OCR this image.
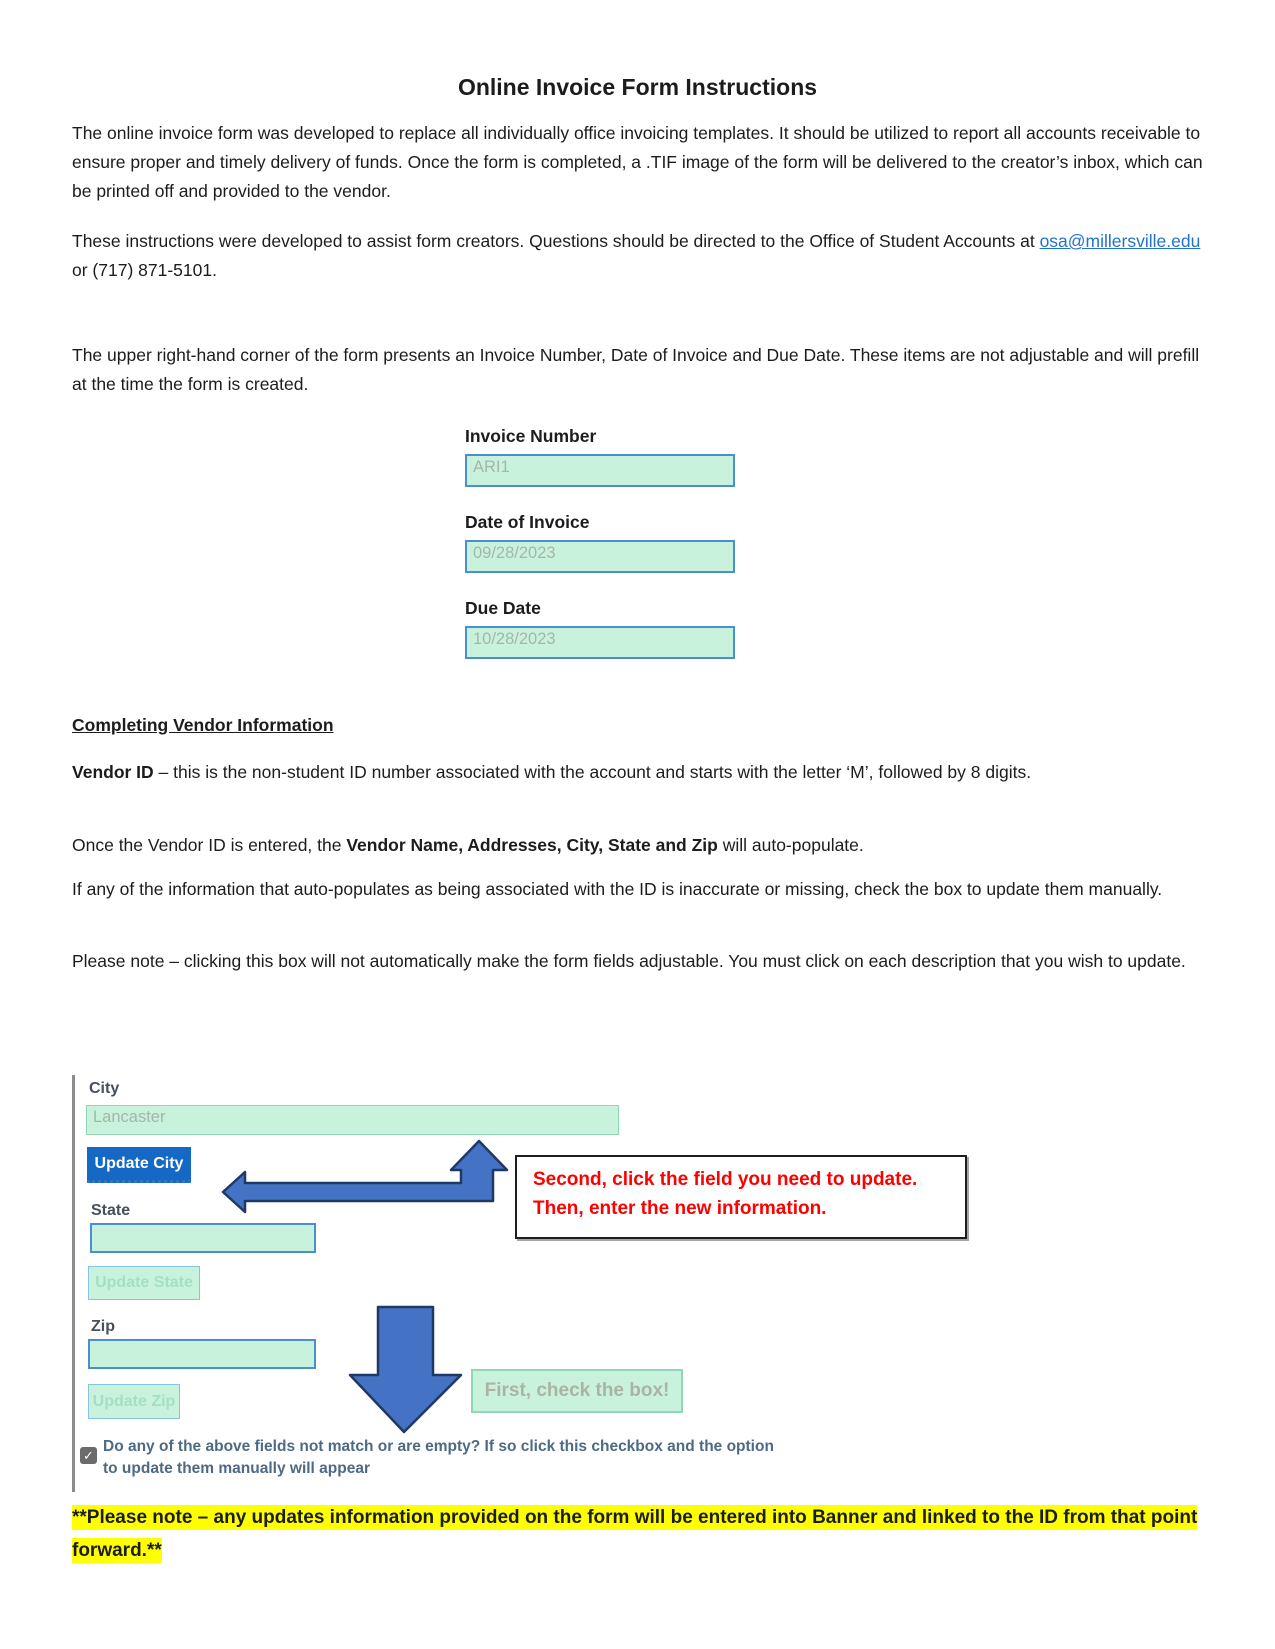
Online Invoice Form Instructions
The online invoice form was developed to replace all individually office invoicing templates. It should be utilized to report all accounts receivable to ensure proper and timely delivery of funds. Once the form is completed, a .TIF image of the form will be delivered to the creator’s inbox, which can be printed off and provided to the vendor.
These instructions were developed to assist form creators. Questions should be directed to the Office of Student Accounts at osa@millersville.edu or (717) 871-5101.
The upper right-hand corner of the form presents an Invoice Number, Date of Invoice and Due Date. These items are not adjustable and will prefill at the time the form is created.
Invoice Number
ARI1
Date of Invoice
09/28/2023
Due Date
10/28/2023
Completing Vendor Information
Vendor ID – this is the non-student ID number associated with the account and starts with the letter ‘M’, followed by 8 digits.
Once the Vendor ID is entered, the Vendor Name, Addresses, City, State and Zip will auto-populate.
If any of the information that auto-populates as being associated with the ID is inaccurate or missing, check the box to update them manually.
Please note – clicking this box will not automatically make the form fields adjustable. You must click on each description that you wish to update.
City
Lancaster
Update City
State
Update State
Zip
Update Zip
Second, click the field you need to update.
Then, enter the new information.
First, check the box!
✓ Do any of the above fields not match or are empty? If so click this checkbox and the option
to update them manually will appear
**Please note – any updates information provided on the form will be entered into Banner and linked to the ID from that point forward.**
